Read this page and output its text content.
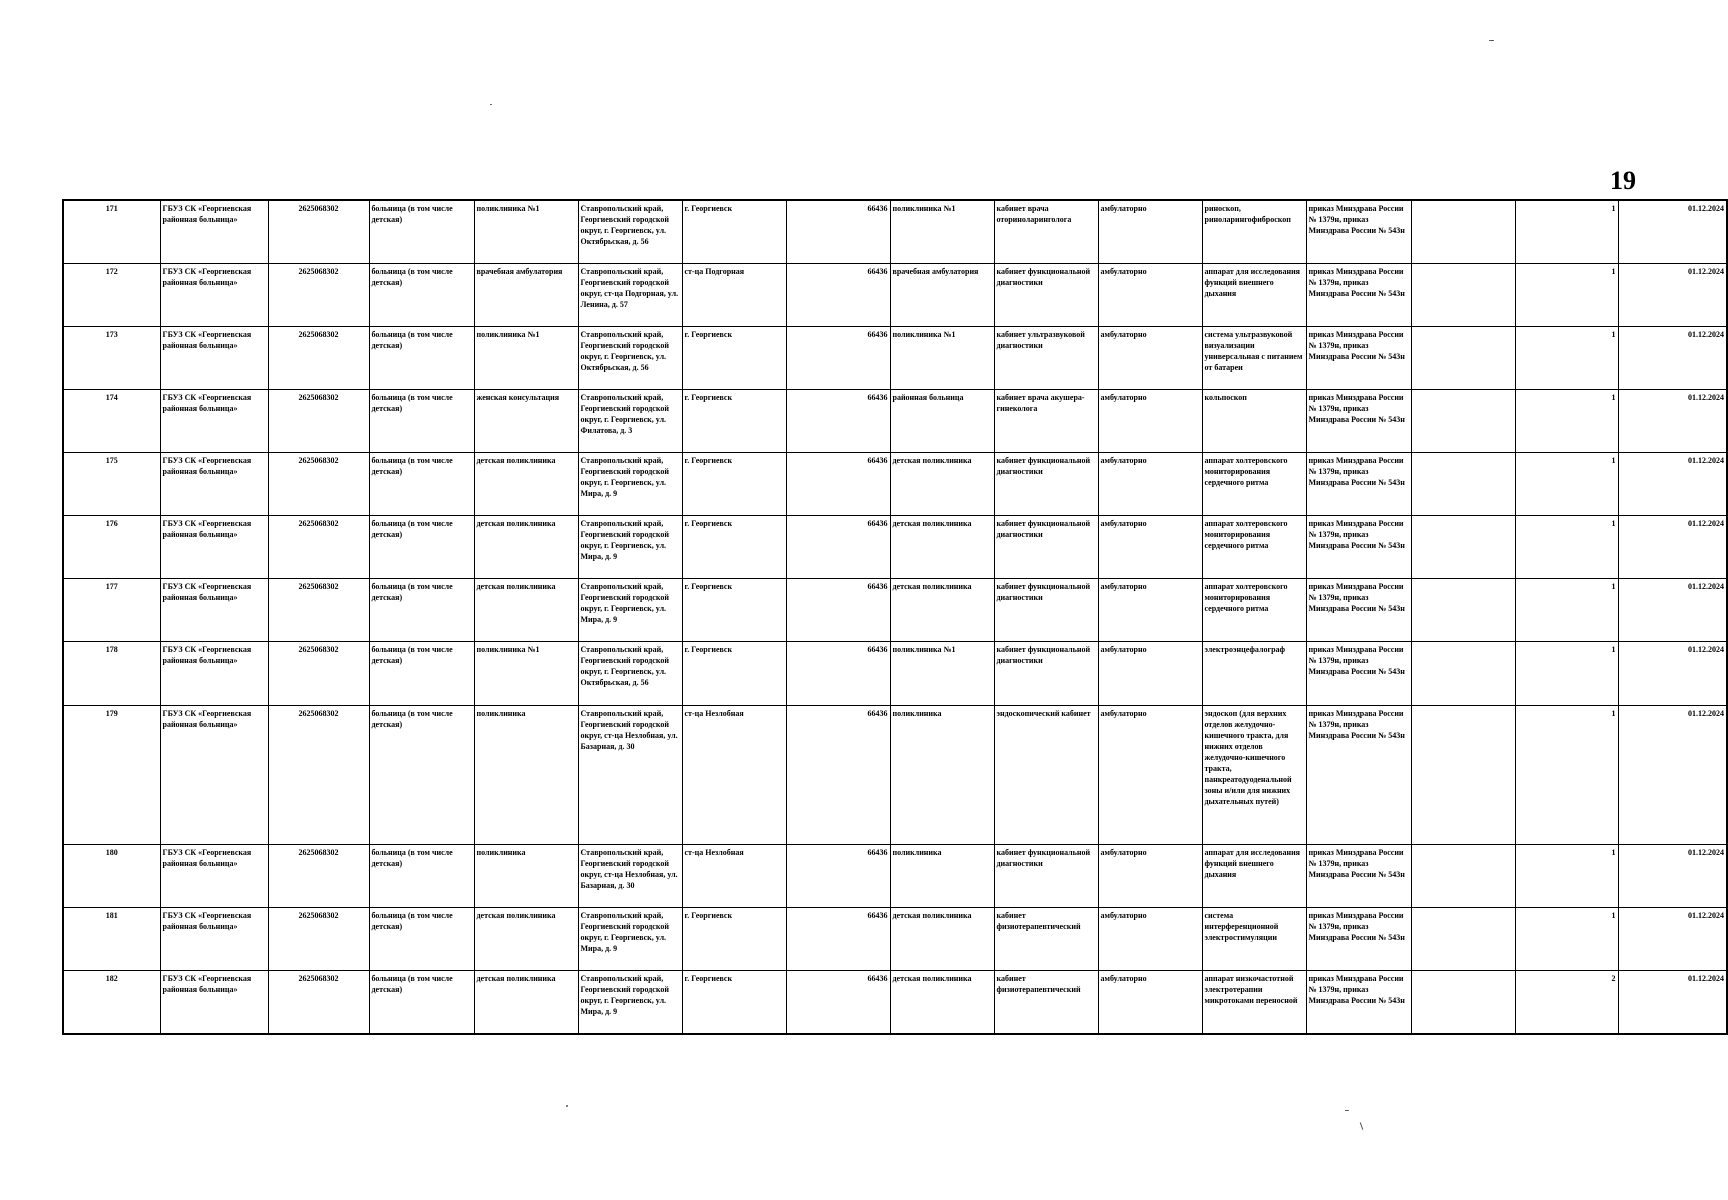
19
171	ГБУЗ СК «Георгиевская районная больница»	2625068302	больница (в том числе детская)	поликлиника №1	Ставропольский край, Георгиевский городской округ, г. Георгиевск, ул. Октябрьская, д. 56	г. Георгиевск	66436	поликлиника №1	кабинет врача оториноларинголога	амбулаторно	риноскоп, риноларингофиброскоп	приказ Минздрава России № 1379н, приказ Минздрава России № 543н		1	01.12.2024
172	ГБУЗ СК «Георгиевская районная больница»	2625068302	больница (в том числе детская)	врачебная амбулатория	Ставропольский край, Георгиевский городской округ, ст-ца Подгорная, ул. Ленина, д. 57	ст-ца Подгорная	66436	врачебная амбулатория	кабинет функциональной диагностики	амбулаторно	аппарат для исследования функций внешнего дыхания	приказ Минздрава России № 1379н, приказ Минздрава России № 543н		1	01.12.2024
173	ГБУЗ СК «Георгиевская районная больница»	2625068302	больница (в том числе детская)	поликлиника №1	Ставропольский край, Георгиевский городской округ, г. Георгиевск, ул. Октябрьская, д. 56	г. Георгиевск	66436	поликлиника №1	кабинет ультразвуковой диагностики	амбулаторно	система ультразвуковой визуализации универсальная с питанием от батареи	приказ Минздрава России № 1379н, приказ Минздрава России № 543н		1	01.12.2024
174	ГБУЗ СК «Георгиевская районная больница»	2625068302	больница (в том числе детская)	женская консультация	Ставропольский край, Георгиевский городской округ, г. Георгиевск, ул. Филатова, д. 3	г. Георгиевск	66436	районная больница	кабинет врача акушера-гинеколога	амбулаторно	кольпоскоп	приказ Минздрава России № 1379н, приказ Минздрава России № 543н		1	01.12.2024
175	ГБУЗ СК «Георгиевская районная больница»	2625068302	больница (в том числе детская)	детская поликлиника	Ставропольский край, Георгиевский городской округ, г. Георгиевск, ул. Мира, д. 9	г. Георгиевск	66436	детская поликлиника	кабинет функциональной диагностики	амбулаторно	аппарат холтеровского мониторирования сердечного ритма	приказ Минздрава России № 1379н, приказ Минздрава России № 543н		1	01.12.2024
176	ГБУЗ СК «Георгиевская районная больница»	2625068302	больница (в том числе детская)	детская поликлиника	Ставропольский край, Георгиевский городской округ, г. Георгиевск, ул. Мира, д. 9	г. Георгиевск	66436	детская поликлиника	кабинет функциональной диагностики	амбулаторно	аппарат холтеровского мониторирования сердечного ритма	приказ Минздрава России № 1379н, приказ Минздрава России № 543н		1	01.12.2024
177	ГБУЗ СК «Георгиевская районная больница»	2625068302	больница (в том числе детская)	детская поликлиника	Ставропольский край, Георгиевский городской округ, г. Георгиевск, ул. Мира, д. 9	г. Георгиевск	66436	детская поликлиника	кабинет функциональной диагностики	амбулаторно	аппарат холтеровского мониторирования сердечного ритма	приказ Минздрава России № 1379н, приказ Минздрава России № 543н		1	01.12.2024
178	ГБУЗ СК «Георгиевская районная больница»	2625068302	больница (в том числе детская)	поликлиника №1	Ставропольский край, Георгиевский городской округ, г. Георгиевск, ул. Октябрьская, д. 56	г. Георгиевск	66436	поликлиника №1	кабинет функциональной диагностики	амбулаторно	электроэнцефалограф	приказ Минздрава России № 1379н, приказ Минздрава России № 543н		1	01.12.2024
179	ГБУЗ СК «Георгиевская районная больница»	2625068302	больница (в том числе детская)	поликлиника	Ставропольский край, Георгиевский городской округ, ст-ца Незлобная, ул. Базарная, д. 30	ст-ца Незлобная	66436	поликлиника	эндоскопический кабинет	амбулаторно	эндоскоп (для верхних отделов желудочно-кишечного тракта, для нижних отделов желудочно-кишечного тракта, панкреатодуоденальной зоны и/или для нижних дыхательных путей)	приказ Минздрава России № 1379н, приказ Минздрава России № 543н		1	01.12.2024
180	ГБУЗ СК «Георгиевская районная больница»	2625068302	больница (в том числе детская)	поликлиника	Ставропольский край, Георгиевский городской округ, ст-ца Незлобная, ул. Базарная, д. 30	ст-ца Незлобная	66436	поликлиника	кабинет функциональной диагностики	амбулаторно	аппарат для исследования функций внешнего дыхания	приказ Минздрава России № 1379н, приказ Минздрава России № 543н		1	01.12.2024
181	ГБУЗ СК «Георгиевская районная больница»	2625068302	больница (в том числе детская)	детская поликлиника	Ставропольский край, Георгиевский городской округ, г. Георгиевск, ул. Мира, д. 9	г. Георгиевск	66436	детская поликлиника	кабинет физиотерапевтический	амбулаторно	система интерференционной электростимуляции	приказ Минздрава России № 1379н, приказ Минздрава России № 543н		1	01.12.2024
182	ГБУЗ СК «Георгиевская районная больница»	2625068302	больница (в том числе детская)	детская поликлиника	Ставропольский край, Георгиевский городской округ, г. Георгиевск, ул. Мира, д. 9	г. Георгиевск	66436	детская поликлиника	кабинет физиотерапевтический	амбулаторно	аппарат низкочастотной электротерапии микротоками переносной	приказ Минздрава России № 1379н, приказ Минздрава России № 543н		2	01.12.2024
